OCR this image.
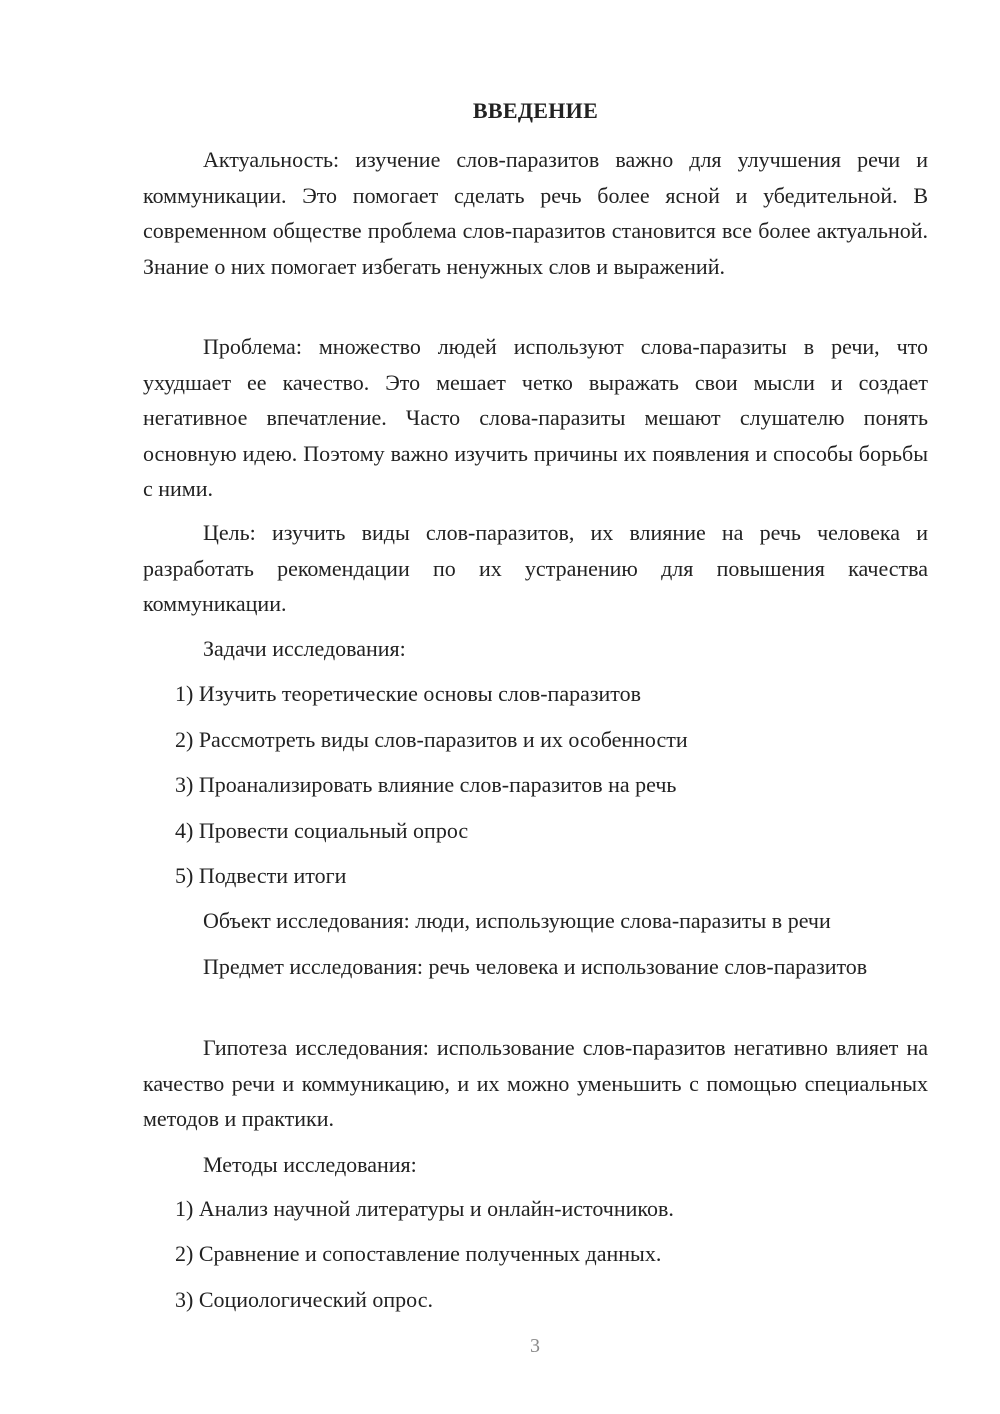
ВВЕДЕНИЕ
Актуальность: изучение слов-паразитов важно для улучшения речи и коммуникации. Это помогает сделать речь более ясной и убедительной. В современном обществе проблема слов-паразитов становится все более актуальной. Знание о них помогает избегать ненужных слов и выражений.
Проблема: множество людей используют слова-паразиты в речи, что ухудшает ее качество. Это мешает четко выражать свои мысли и создает негативное впечатление. Часто слова-паразиты мешают слушателю понять основную идею. Поэтому важно изучить причины их появления и способы борьбы с ними.
Цель: изучить виды слов-паразитов, их влияние на речь человека и разработать рекомендации по их устранению для повышения качества коммуникации.
Задачи исследования:
1) Изучить теоретические основы слов-паразитов
2) Рассмотреть виды слов-паразитов и их особенности
3) Проанализировать влияние слов-паразитов на речь
4) Провести социальный опрос
5) Подвести итоги
Объект исследования: люди, использующие слова-паразиты в речи
Предмет исследования: речь человека и использование слов-паразитов
Гипотеза исследования: использование слов-паразитов негативно влияет на качество речи и коммуникацию, и их можно уменьшить с помощью специальных методов и практики.
Методы исследования:
1) Анализ научной литературы и онлайн-источников.
2) Сравнение и сопоставление полученных данных.
3) Социологический опрос.
3
